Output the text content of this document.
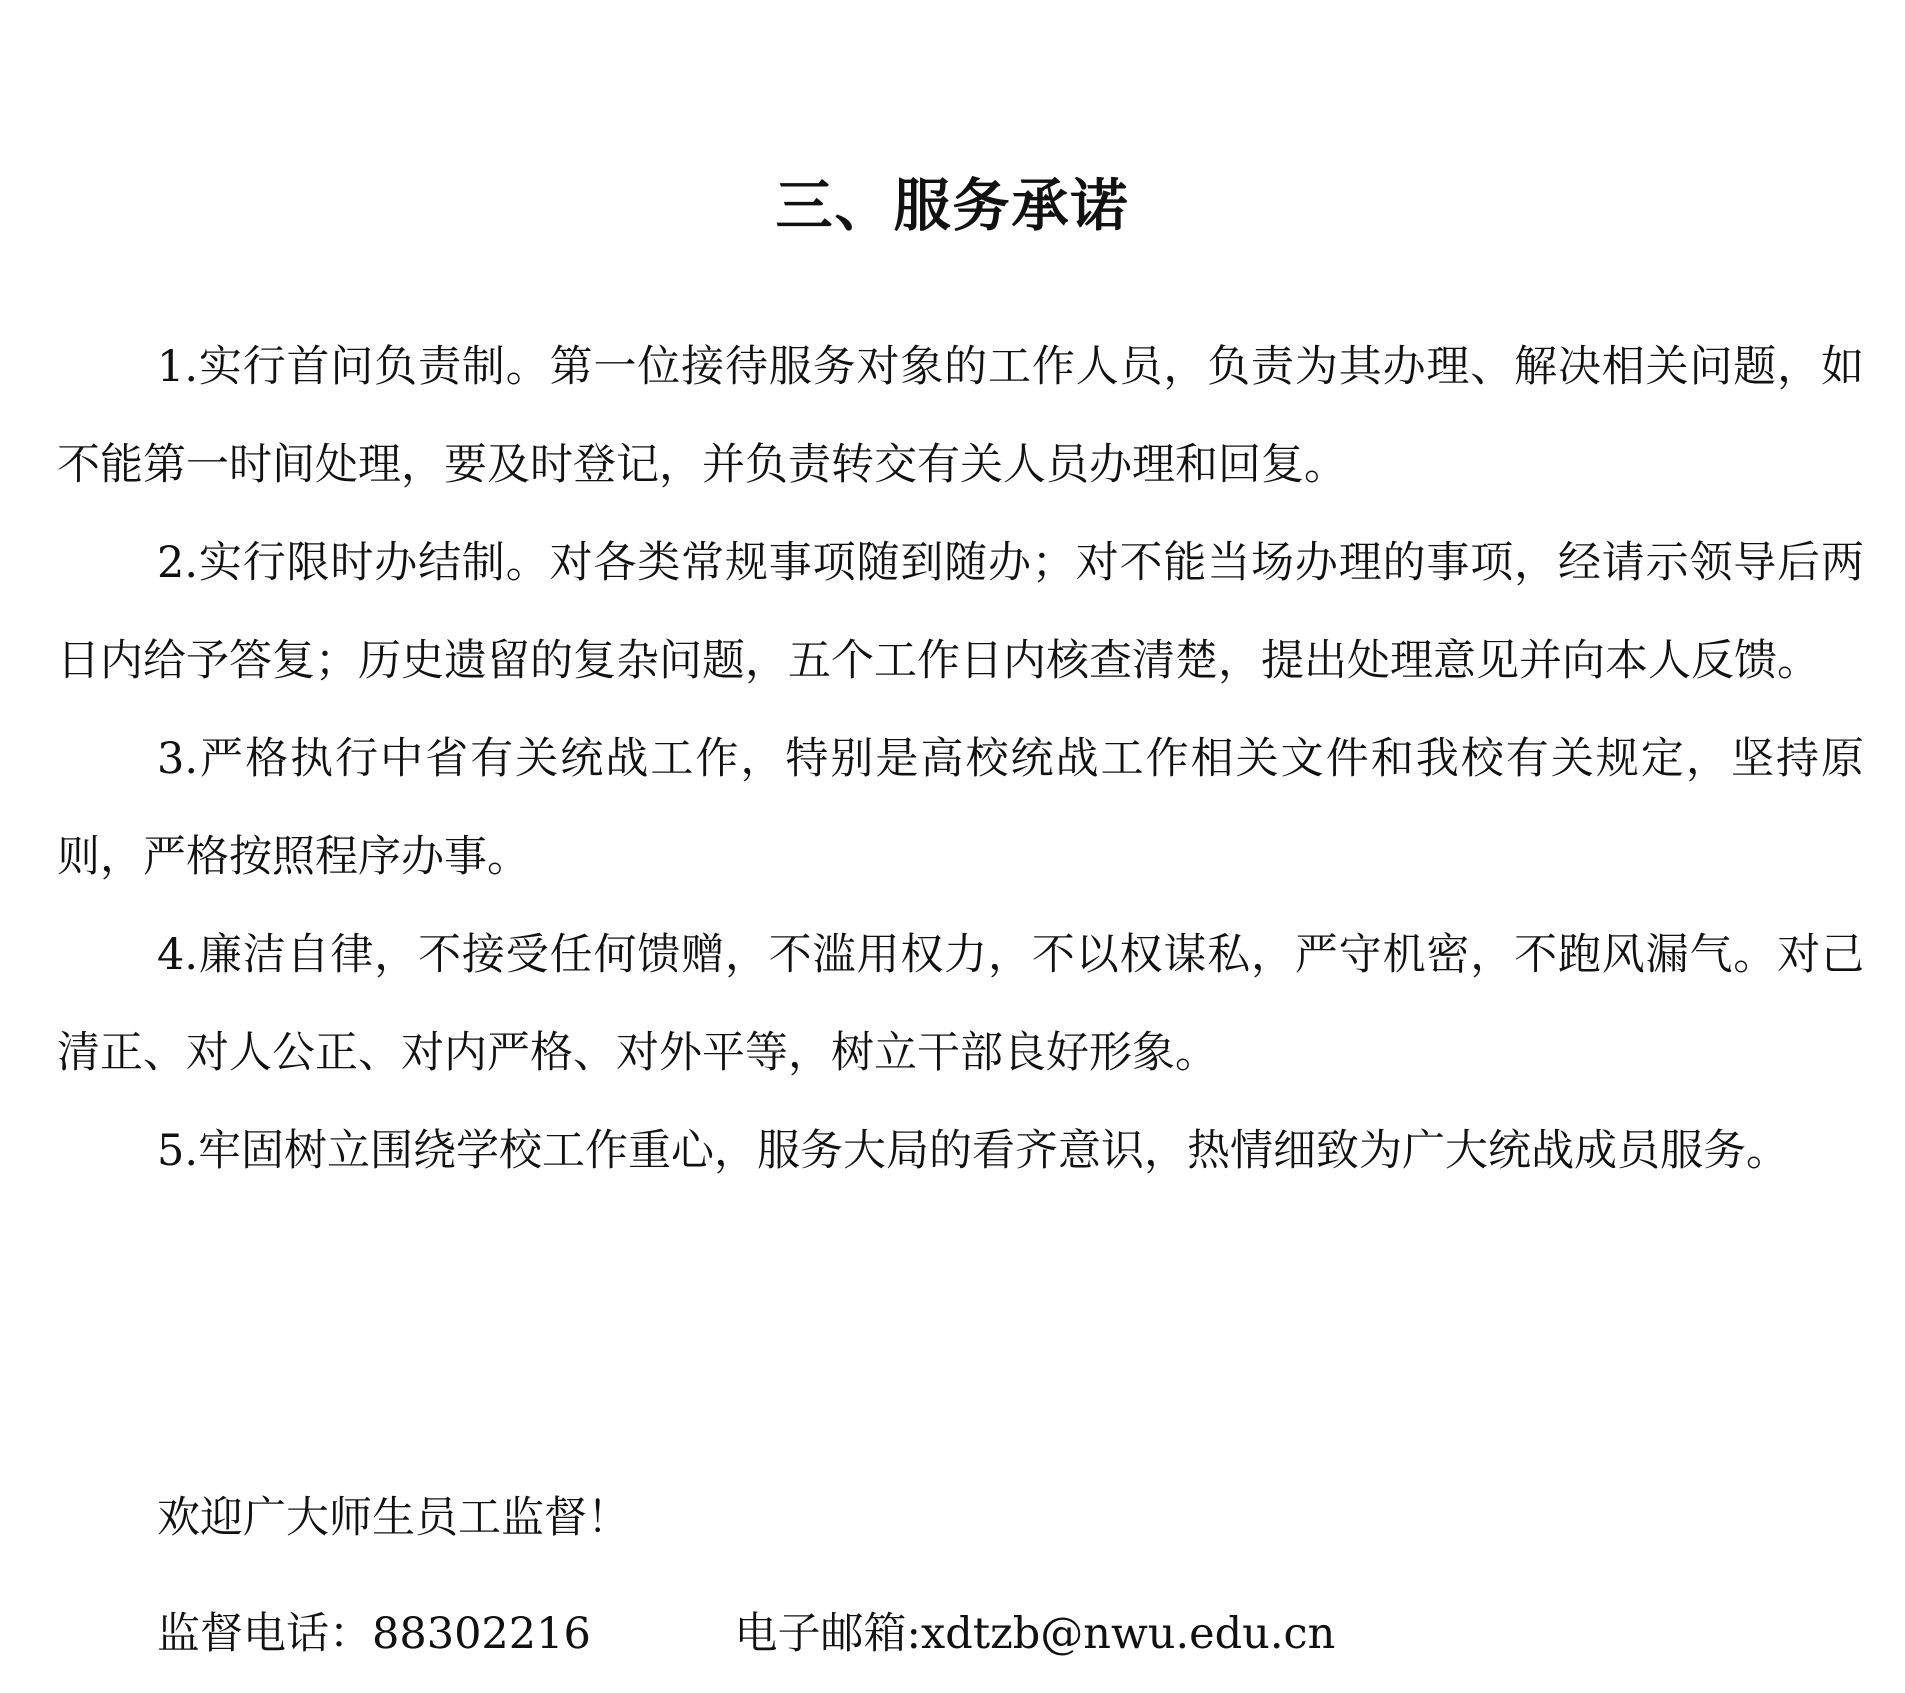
三、服务承诺

1.实行首问负责制。第一位接待服务对象的工作人员，负责为其办理、解决相关问题，如不能第一时间处理，要及时登记，并负责转交有关人员办理和回复。

2.实行限时办结制。对各类常规事项随到随办；对不能当场办理的事项，经请示领导后两日内给予答复；历史遗留的复杂问题，五个工作日内核查清楚，提出处理意见并向本人反馈。

3.严格执行中省有关统战工作，特别是高校统战工作相关文件和我校有关规定，坚持原则，严格按照程序办事。

4.廉洁自律，不接受任何馈赠，不滥用权力，不以权谋私，严守机密，不跑风漏气。对己清正、对人公正、对内严格、对外平等，树立干部良好形象。

5.牢固树立围绕学校工作重心，服务大局的看齐意识，热情细致为广大统战成员服务。

欢迎广大师生员工监督！
监督电话：88302216	电子邮箱:xdtzb@nwu.edu.cn
